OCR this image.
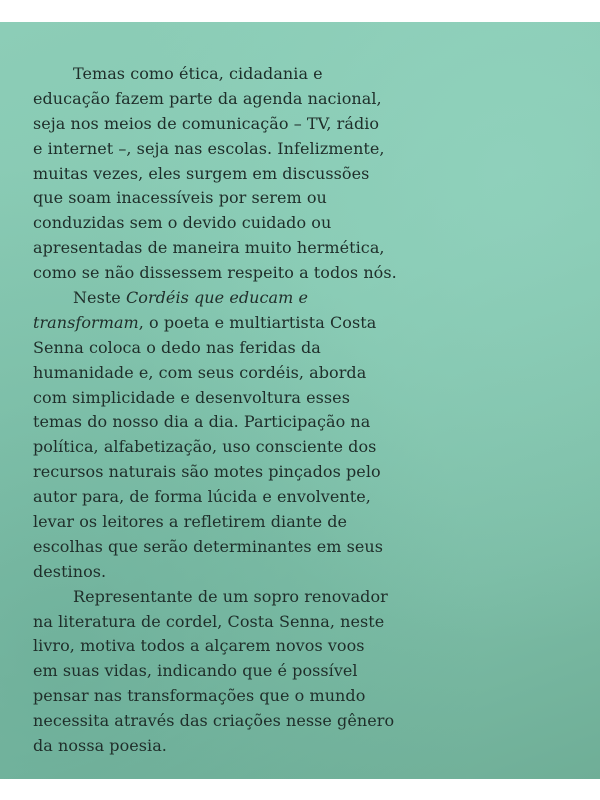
Temas como ética, cidadania e
educação fazem parte da agenda nacional,
seja nos meios de comunicação – TV, rádio
e internet –, seja nas escolas. Infelizmente,
muitas vezes, eles surgem em discussões
que soam inacessíveis por serem ou
conduzidas sem o devido cuidado ou
apresentadas de maneira muito hermética,
como se não dissessem respeito a todos nós.
Neste Cordéis que educam e
transformam, o poeta e multiartista Costa
Senna coloca o dedo nas feridas da
humanidade e, com seus cordéis, aborda
com simplicidade e desenvoltura esses
temas do nosso dia a dia. Participação na
política, alfabetização, uso consciente dos
recursos naturais são motes pinçados pelo
autor para, de forma lúcida e envolvente,
levar os leitores a refletirem diante de
escolhas que serão determinantes em seus
destinos.
Representante de um sopro renovador
na literatura de cordel, Costa Senna, neste
livro, motiva todos a alçarem novos voos
em suas vidas, indicando que é possível
pensar nas transformações que o mundo
necessita através das criações nesse gênero
da nossa poesia.
